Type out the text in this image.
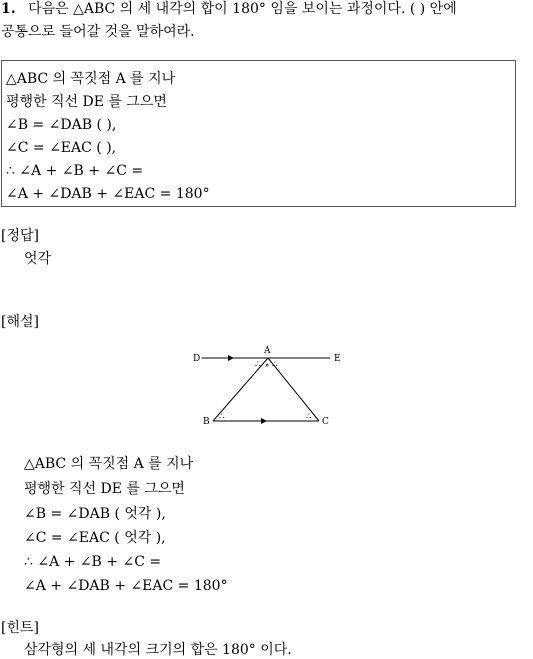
1. 다음은 △ABC 의 세 내각의 합이 180° 임을 보이는 과정이다. ( ) 안에
공통으로 들어갈 것을 말하여라.
△ABC 의 꼭짓점 A 를 지나
평행한 직선 DE 를 그으면
∠B = ∠DAB ( ),
∠C = ∠EAC ( ),
∴ ∠A + ∠B + ∠C =
∠A + ∠DAB + ∠EAC = 180°
[정답]
엇각
[해설]
∴ ∘ ∴
∴	∴
D
A
E
B	C
△ABC 의 꼭짓점 A 를 지나
평행한 직선 DE 를 그으면
∠B = ∠DAB ( 엇각 ),
∠C = ∠EAC ( 엇각 ),
∴ ∠A + ∠B + ∠C =
∠A + ∠DAB + ∠EAC = 180°
[힌트]
삼각형의 세 내각의 크기의 합은 180° 이다.
